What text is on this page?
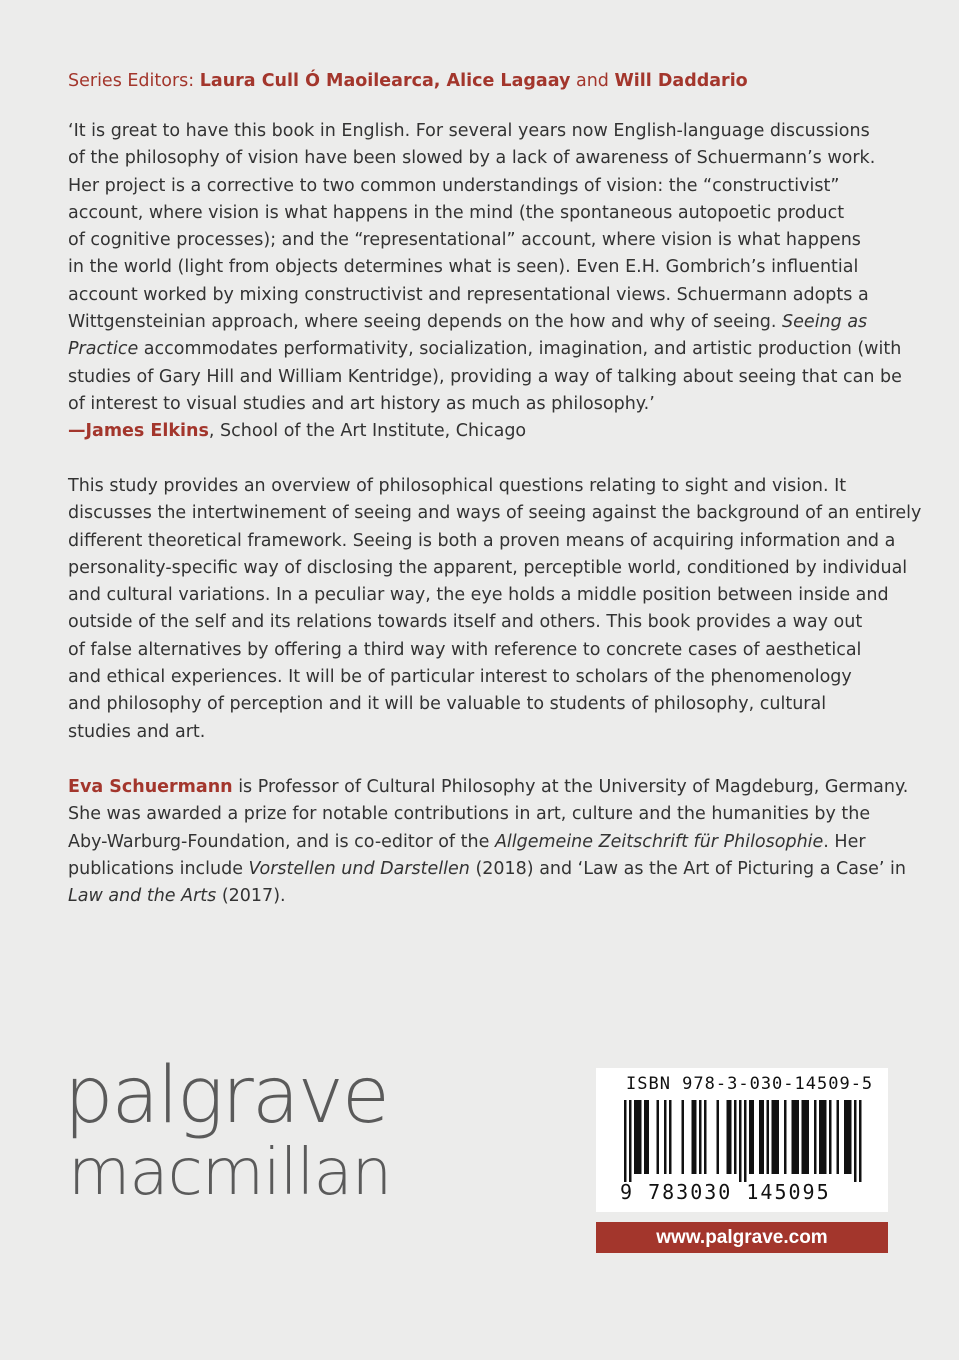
Series Editors: Laura Cull Ó Maoilearca, Alice Lagaay and Will Daddario
‘It is great to have this book in English. For several years now English-language discussions
of the philosophy of vision have been slowed by a lack of awareness of Schuermann’s work.
Her project is a corrective to two common understandings of vision: the “constructivist”
account, where vision is what happens in the mind (the spontaneous autopoetic product
of cognitive processes); and the “representational” account, where vision is what happens
in the world (light from objects determines what is seen). Even E.H. Gombrich’s influential
account worked by mixing constructivist and representational views. Schuermann adopts a
Wittgensteinian approach, where seeing depends on the how and why of seeing. Seeing as
Practice accommodates performativity, socialization, imagination, and artistic production (with
studies of Gary Hill and William Kentridge), providing a way of talking about seeing that can be
of interest to visual studies and art history as much as philosophy.’
—James Elkins, School of the Art Institute, Chicago
This study provides an overview of philosophical questions relating to sight and vision. It
discusses the intertwinement of seeing and ways of seeing against the background of an entirely
different theoretical framework. Seeing is both a proven means of acquiring information and a
personality-specific way of disclosing the apparent, perceptible world, conditioned by individual
and cultural variations. In a peculiar way, the eye holds a middle position between inside and
outside of the self and its relations towards itself and others. This book provides a way out
of false alternatives by offering a third way with reference to concrete cases of aesthetical
and ethical experiences. It will be of particular interest to scholars of the phenomenology
and philosophy of perception and it will be valuable to students of philosophy, cultural
studies and art.
Eva Schuermann is Professor of Cultural Philosophy at the University of Magdeburg, Germany.
She was awarded a prize for notable contributions in art, culture and the humanities by the
Aby-Warburg-Foundation, and is co-editor of the Allgemeine Zeitschrift für Philosophie. Her
publications include Vorstellen und Darstellen (2018) and ‘Law as the Art of Picturing a Case’ in
Law and the Arts (2017).
palgrave
macmillan
ISBN 978-3-030-14509-5
9 783030 145095
www.palgrave.com
